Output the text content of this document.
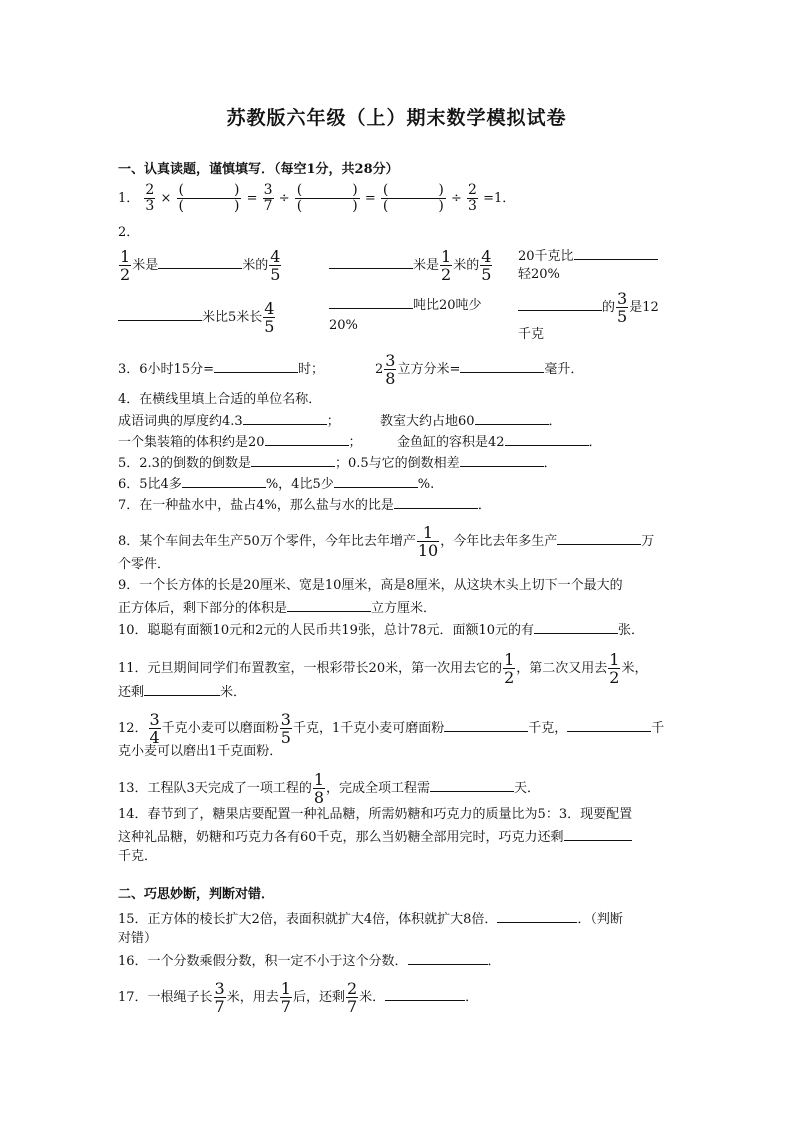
苏教版六年级（上）期末数学模拟试卷
一、认真读题，谨慎填写．（每空1分，共28分）
1． $\frac{2}{3}$ × (	)
(	) = $\frac{3}{7}$ ÷ (	)
(	) = (	)
(	) ÷ $\frac{2}{3} =1$．
2．
$\frac{1}{2}$ 米是	米的 $\frac{4}{5}$	米是 $\frac{1}{2}$ 米的 $\frac{4}{5} 20$千克比
轻20%
米比5米长 $\frac{4}{5}$	吨比20吨少
20%
的 $\frac{3}{5}$ 是12
千克
3．6小时15分=	时；	$2 \frac{3}{8}$ 立方分米=	毫升．
4．在横线里填上合适的单位名称．
成语词典的厚度约4.3	；	教室大约占地60	．
一个集装箱的体积约是20	；	金鱼缸的容积是42	．
5．2.3的倒数的倒数是	；0.5与它的倒数相差	．
6．5比4多	%，4比5少	%.
7．在一种盐水中，盐占4%，那么盐与水的比是	．
8．某个车间去年生产50万个零件，今年比去年增产 $\frac{1}{10}$ ，今年比去年多生产	万
个零件．
9．一个长方体的长是20厘米、宽是10厘米，高是8厘米，从这块木头上切下一个最大的
正方体后，剩下部分的体积是	立方厘米．
10．聪聪有面额10元和2元的人民币共19张，总计78元．面额10元的有	张．
11．元旦期间同学们布置教室，一根彩带长20米，第一次用去它的 $\frac{1}{2}$ ，第二次又用去 $\frac{1}{2}$ 米，
还剩	米．
12． $\frac{3}{4}$ 千克小麦可以磨面粉 $\frac{3}{5}$ 千克，1千克小麦可磨面粉	千克，	千
克小麦可以磨出1千克面粉．
13．工程队3天完成了一项工程的 $\frac{1}{8}$ ，完成全项工程需	天．
14．春节到了，糖果店要配置一种礼品糖，所需奶糖和巧克力的质量比为5：3．现要配置
这种礼品糖，奶糖和巧克力各有60千克，那么当奶糖全部用完时，巧克力还剩
千克．
二、巧思妙断，判断对错．
15．正方体的棱长扩大2倍，表面积就扩大4倍，体积就扩大8倍．	．（判断
对错）
16．一个分数乘假分数，积一定不小于这个分数．	．
17．一根绳子长 $\frac{3}{7}$ 米，用去 $\frac{1}{7}$ 后，还剩 $\frac{2}{7}$ 米．	．
